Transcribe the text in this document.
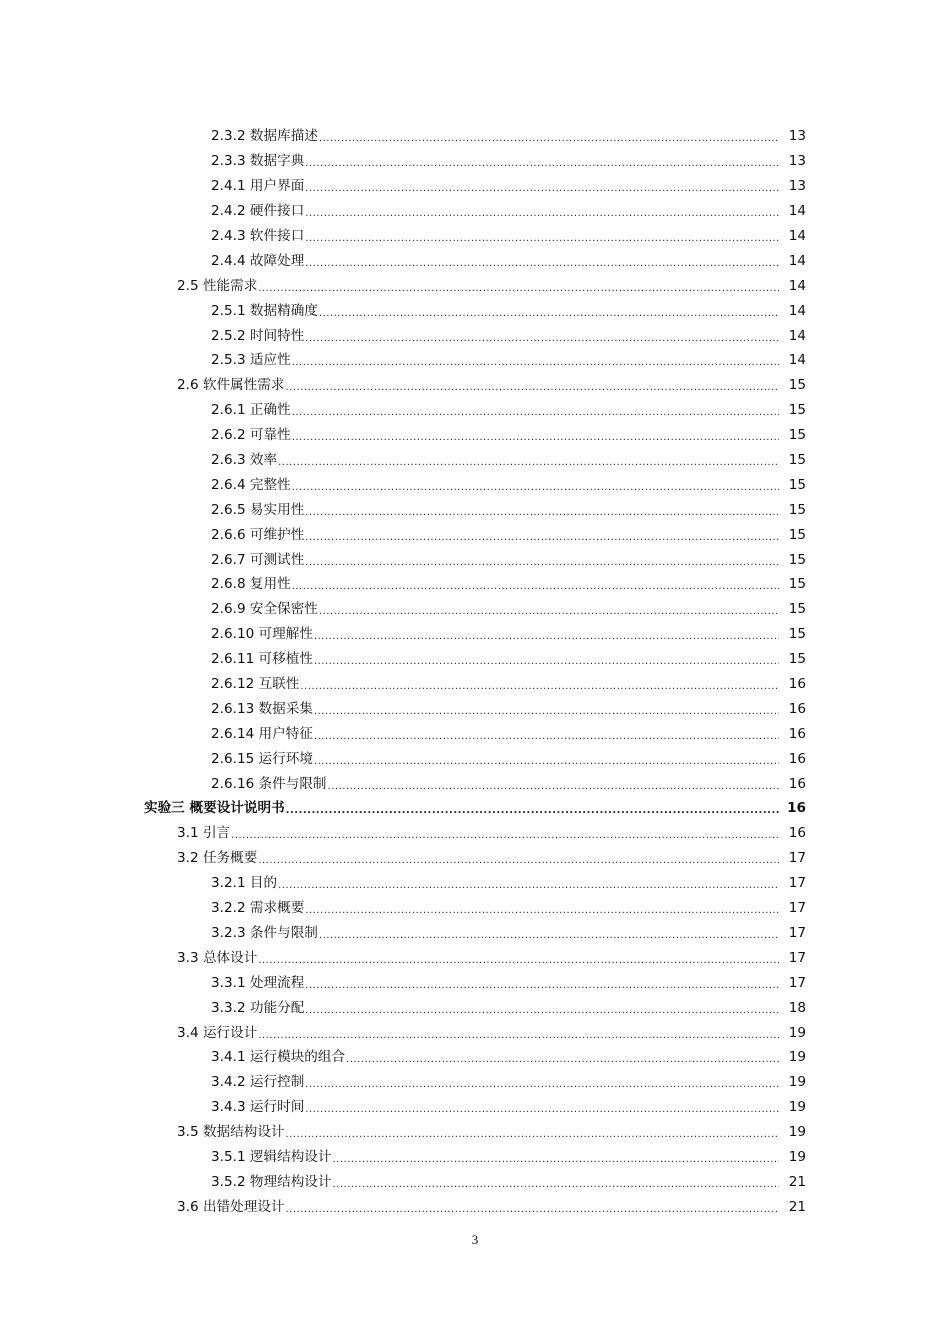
2.3.2 数据库描述 .....	13
2.3.3 数据字典 .....	13
2.4.1 用户界面 .....	13
2.4.2 硬件接口 .....	14
2.4.3 软件接口 .....	14
2.4.4 故障处理 .....	14
2.5 性能需求 .....	14
2.5.1 数据精确度 .....	14
2.5.2 时间特性 .....	14
2.5.3 适应性 .....	14
2.6 软件属性需求 .....	15
2.6.1 正确性 .....	15
2.6.2 可靠性 .....	15
2.6.3 效率 .....	15
2.6.4 完整性 .....	15
2.6.5 易实用性 .....	15
2.6.6 可维护性 .....	15
2.6.7 可测试性 .....	15
2.6.8 复用性 .....	15
2.6.9 安全保密性 .....	15
2.6.10 可理解性 .....	15
2.6.11 可移植性 .....	15
2.6.12 互联性 .....	16
2.6.13 数据采集 .....	16
2.6.14 用户特征 .....	16
2.6.15 运行环境 .....	16
2.6.16 条件与限制 .....	16
实验三 概要设计说明书 .....	16
3.1 引言 .....	16
3.2 任务概要 .....	17
3.2.1 目的 .....	17
3.2.2 需求概要 .....	17
3.2.3 条件与限制 .....	17
3.3 总体设计 .....	17
3.3.1 处理流程 .....	17
3.3.2 功能分配 .....	18
3.4 运行设计 .....	19
3.4.1 运行模块的组合 .....	19
3.4.2 运行控制 .....	19
3.4.3 运行时间 .....	19
3.5 数据结构设计 .....	19
3.5.1 逻辑结构设计 .....	19
3.5.2 物理结构设计 .....	21
3.6 出错处理设计 .....	21
3
